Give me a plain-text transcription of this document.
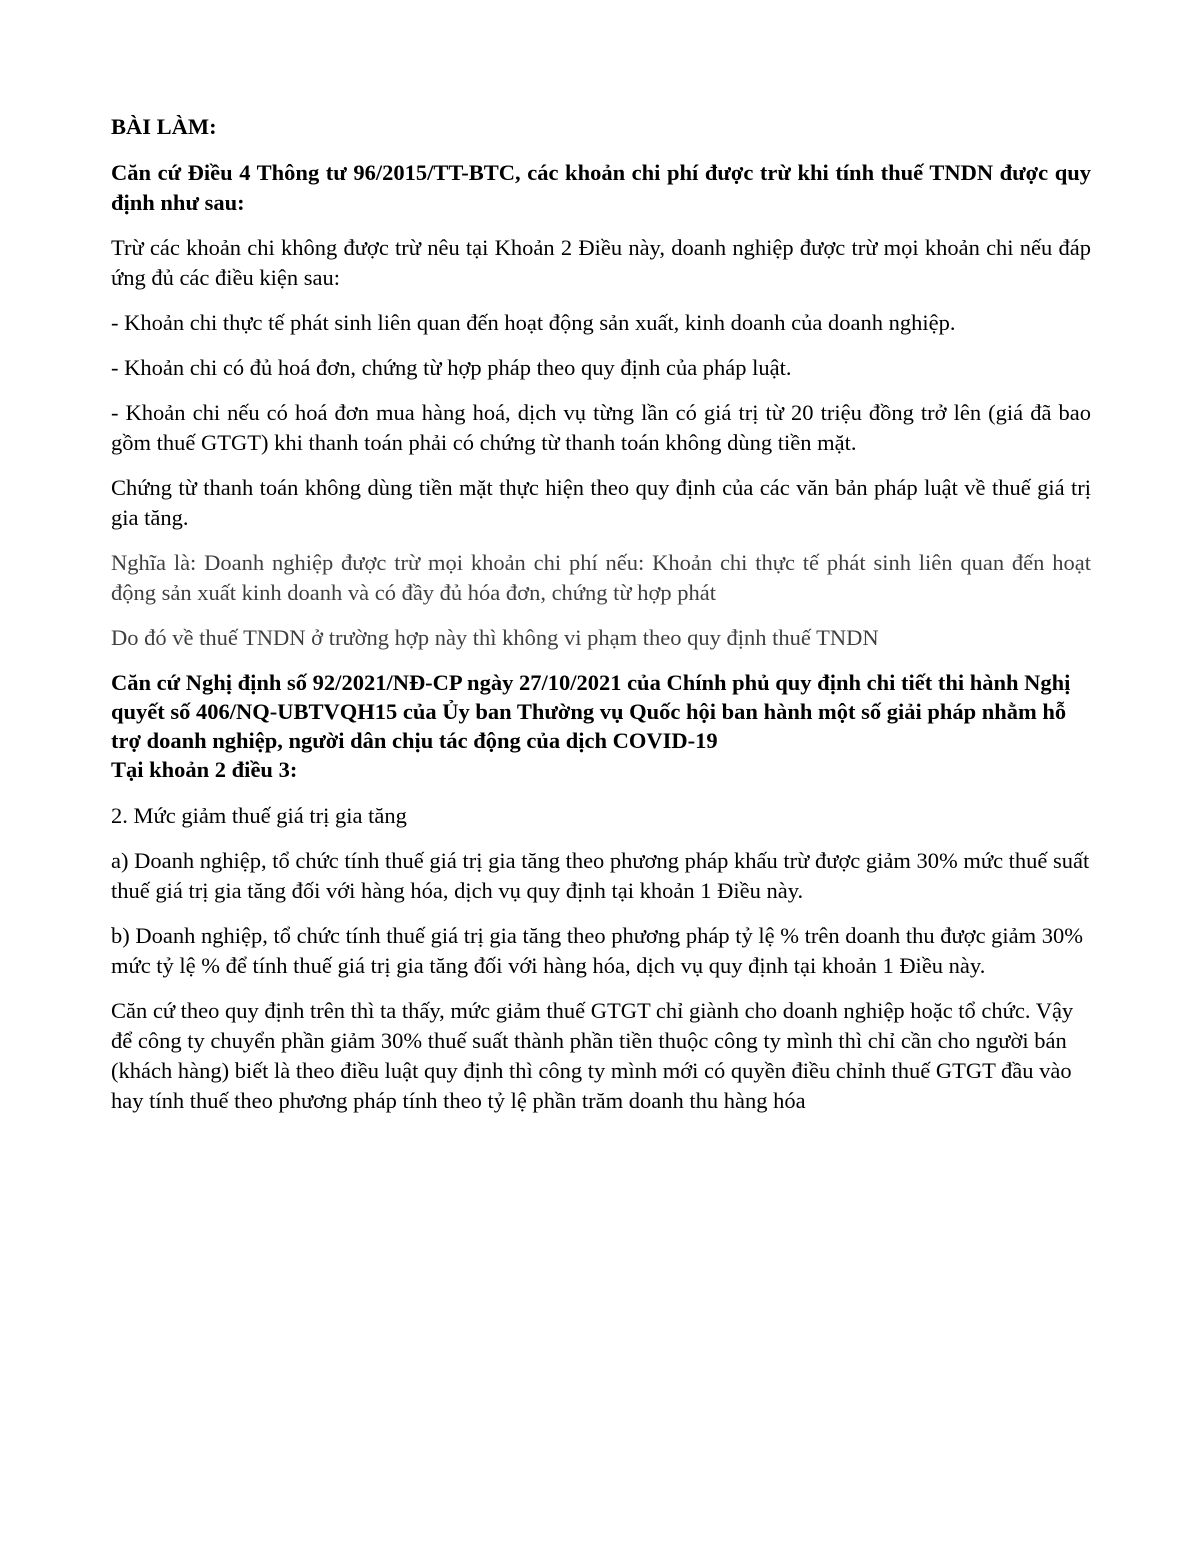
BÀI LÀM:

Căn cứ Điều 4 Thông tư 96/2015/TT-BTC, các khoản chi phí được trừ khi tính thuế TNDN được quy định như sau:

Trừ các khoản chi không được trừ nêu tại Khoản 2 Điều này, doanh nghiệp được trừ mọi khoản chi nếu đáp ứng đủ các điều kiện sau:

- Khoản chi thực tế phát sinh liên quan đến hoạt động sản xuất, kinh doanh của doanh nghiệp.

- Khoản chi có đủ hoá đơn, chứng từ hợp pháp theo quy định của pháp luật.

- Khoản chi nếu có hoá đơn mua hàng hoá, dịch vụ từng lần có giá trị từ 20 triệu đồng trở lên (giá đã bao gồm thuế GTGT) khi thanh toán phải có chứng từ thanh toán không dùng tiền mặt.

Chứng từ thanh toán không dùng tiền mặt thực hiện theo quy định của các văn bản pháp luật về thuế giá trị gia tăng.

Nghĩa là: Doanh nghiệp được trừ mọi khoản chi phí nếu: Khoản chi thực tế phát sinh liên quan đến hoạt động sản xuất kinh doanh và có đầy đủ hóa đơn, chứng từ hợp phát

Do đó về thuế TNDN ở trường hợp này thì không vi phạm theo quy định thuế TNDN

Căn cứ Nghị định số 92/2021/NĐ-CP ngày 27/10/2021 của Chính phủ quy định chi tiết thi hành Nghị quyết số 406/NQ-UBTVQH15 của Ủy ban Thường vụ Quốc hội ban hành một số giải pháp nhằm hỗ trợ doanh nghiệp, người dân chịu tác động của dịch COVID-19
Tại khoản 2 điều 3:

2. Mức giảm thuế giá trị gia tăng

a) Doanh nghiệp, tổ chức tính thuế giá trị gia tăng theo phương pháp khấu trừ được giảm 30% mức thuế suất thuế giá trị gia tăng đối với hàng hóa, dịch vụ quy định tại khoản 1 Điều này.

b) Doanh nghiệp, tổ chức tính thuế giá trị gia tăng theo phương pháp tỷ lệ % trên doanh thu được giảm 30% mức tỷ lệ % để tính thuế giá trị gia tăng đối với hàng hóa, dịch vụ quy định tại khoản 1 Điều này.

Căn cứ theo quy định trên thì ta thấy, mức giảm thuế GTGT chỉ giành cho doanh nghiệp hoặc tổ chức. Vậy để công ty chuyển phần giảm 30% thuế suất thành phần tiền thuộc công ty mình thì chỉ cần cho người bán (khách hàng) biết là theo điều luật quy định thì công ty mình mới có quyền điều chỉnh thuế GTGT đầu vào hay tính thuế theo phương pháp tính theo tỷ lệ phần trăm doanh thu hàng hóa
